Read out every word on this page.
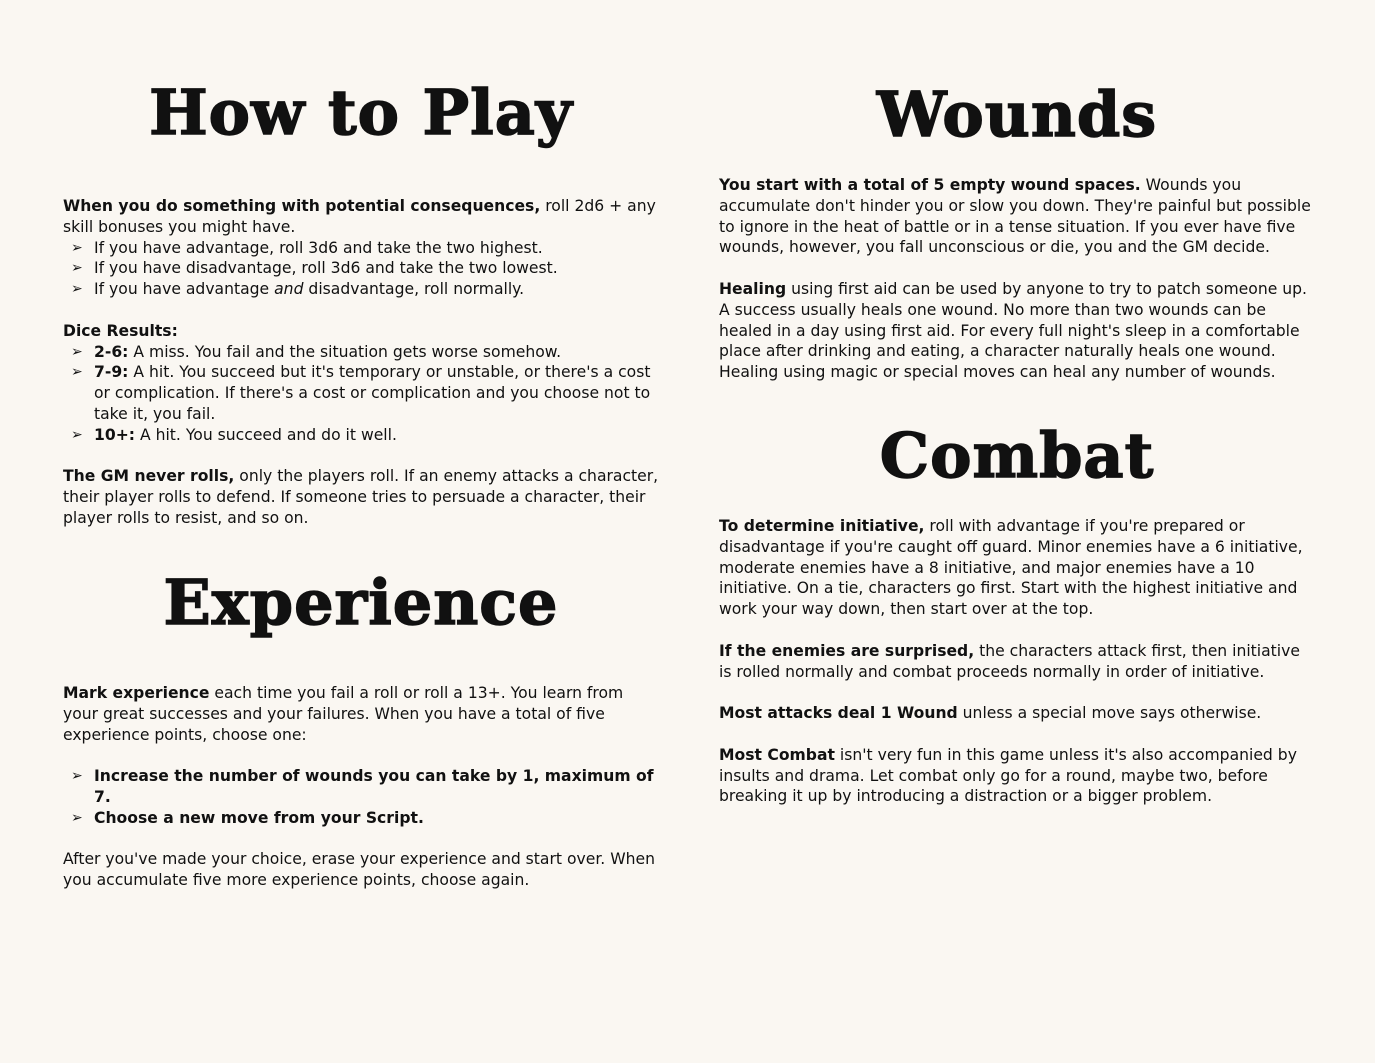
How to Play

When you do something with potential consequences, roll 2d6 + any skill bonuses you might have.

➢ If you have advantage, roll 3d6 and take the two highest.
➢ If you have disadvantage, roll 3d6 and take the two lowest.
➢ If you have advantage and disadvantage, roll normally.

Dice Results:

➢ 2-6: A miss. You fail and the situation gets worse somehow.
➢ 7-9: A hit. You succeed but it's temporary or unstable, or there's a cost or complication. If there's a cost or complication and you choose not to take it, you fail.
➢ 10+: A hit. You succeed and do it well.

The GM never rolls, only the players roll. If an enemy attacks a character, their player rolls to defend. If someone tries to persuade a character, their player rolls to resist, and so on.

Experience

Mark experience each time you fail a roll or roll a 13+. You learn from your great successes and your failures. When you have a total of five experience points, choose one:

➢ Increase the number of wounds you can take by 1, maximum of 7.
➢ Choose a new move from your Script.

After you've made your choice, erase your experience and start over. When you accumulate five more experience points, choose again.

Wounds

You start with a total of 5 empty wound spaces. Wounds you accumulate don't hinder you or slow you down. They're painful but possible to ignore in the heat of battle or in a tense situation. If you ever have five wounds, however, you fall unconscious or die, you and the GM decide.

Healing using first aid can be used by anyone to try to patch someone up. A success usually heals one wound. No more than two wounds can be healed in a day using first aid. For every full night's sleep in a comfortable place after drinking and eating, a character naturally heals one wound. Healing using magic or special moves can heal any number of wounds.

Combat

To determine initiative, roll with advantage if you're prepared or disadvantage if you're caught off guard. Minor enemies have a 6 initiative, moderate enemies have a 8 initiative, and major enemies have a 10 initiative. On a tie, characters go first. Start with the highest initiative and work your way down, then start over at the top.

If the enemies are surprised, the characters attack first, then initiative is rolled normally and combat proceeds normally in order of initiative.

Most attacks deal 1 Wound unless a special move says otherwise.

Most Combat isn't very fun in this game unless it's also accompanied by insults and drama. Let combat only go for a round, maybe two, before breaking it up by introducing a distraction or a bigger problem.
